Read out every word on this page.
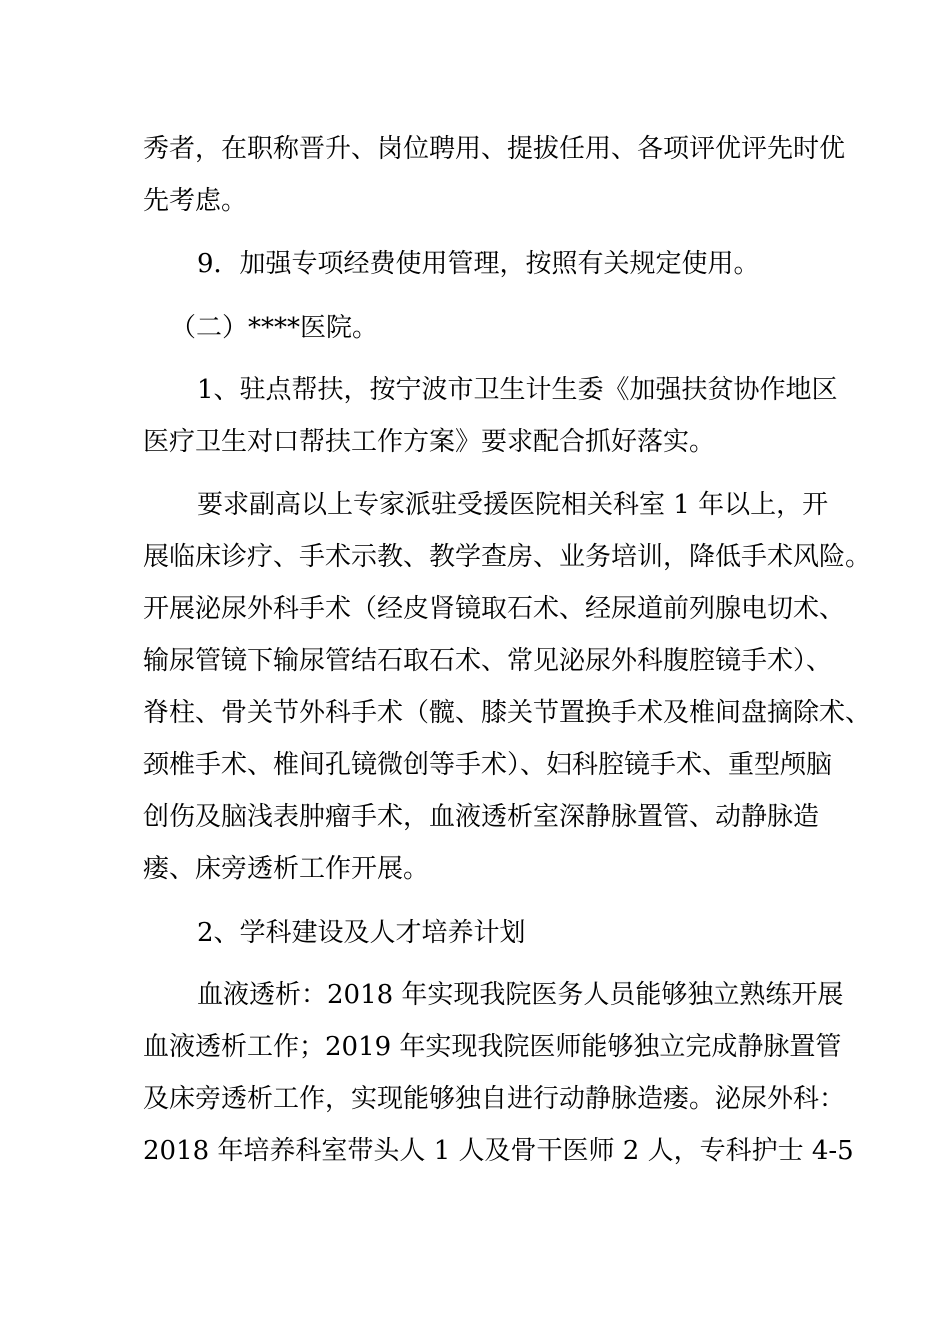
秀者，在职称晋升、岗位聘用、提拔任用、各项评优评先时优
先考虑。
9．加强专项经费使用管理，按照有关规定使用。
（二）****医院。
1、驻点帮扶，按宁波市卫生计生委《加强扶贫协作地区
医疗卫生对口帮扶工作方案》要求配合抓好落实。
要求副高以上专家派驻受援医院相关科室 1 年以上，开
展临床诊疗、手术示教、教学查房、业务培训，降低手术风险。
开展泌尿外科手术（经皮肾镜取石术、经尿道前列腺电切术、
输尿管镜下输尿管结石取石术、常见泌尿外科腹腔镜手术）、
脊柱、骨关节外科手术（髋、膝关节置换手术及椎间盘摘除术、
颈椎手术、椎间孔镜微创等手术）、妇科腔镜手术、重型颅脑
创伤及脑浅表肿瘤手术，血液透析室深静脉置管、动静脉造
瘘、床旁透析工作开展。
2、学科建设及人才培养计划
血液透析：2018 年实现我院医务人员能够独立熟练开展
血液透析工作；2019 年实现我院医师能够独立完成静脉置管
及床旁透析工作，实现能够独自进行动静脉造瘘。泌尿外科：
2018 年培养科室带头人 1 人及骨干医师 2 人，专科护士 4-5
